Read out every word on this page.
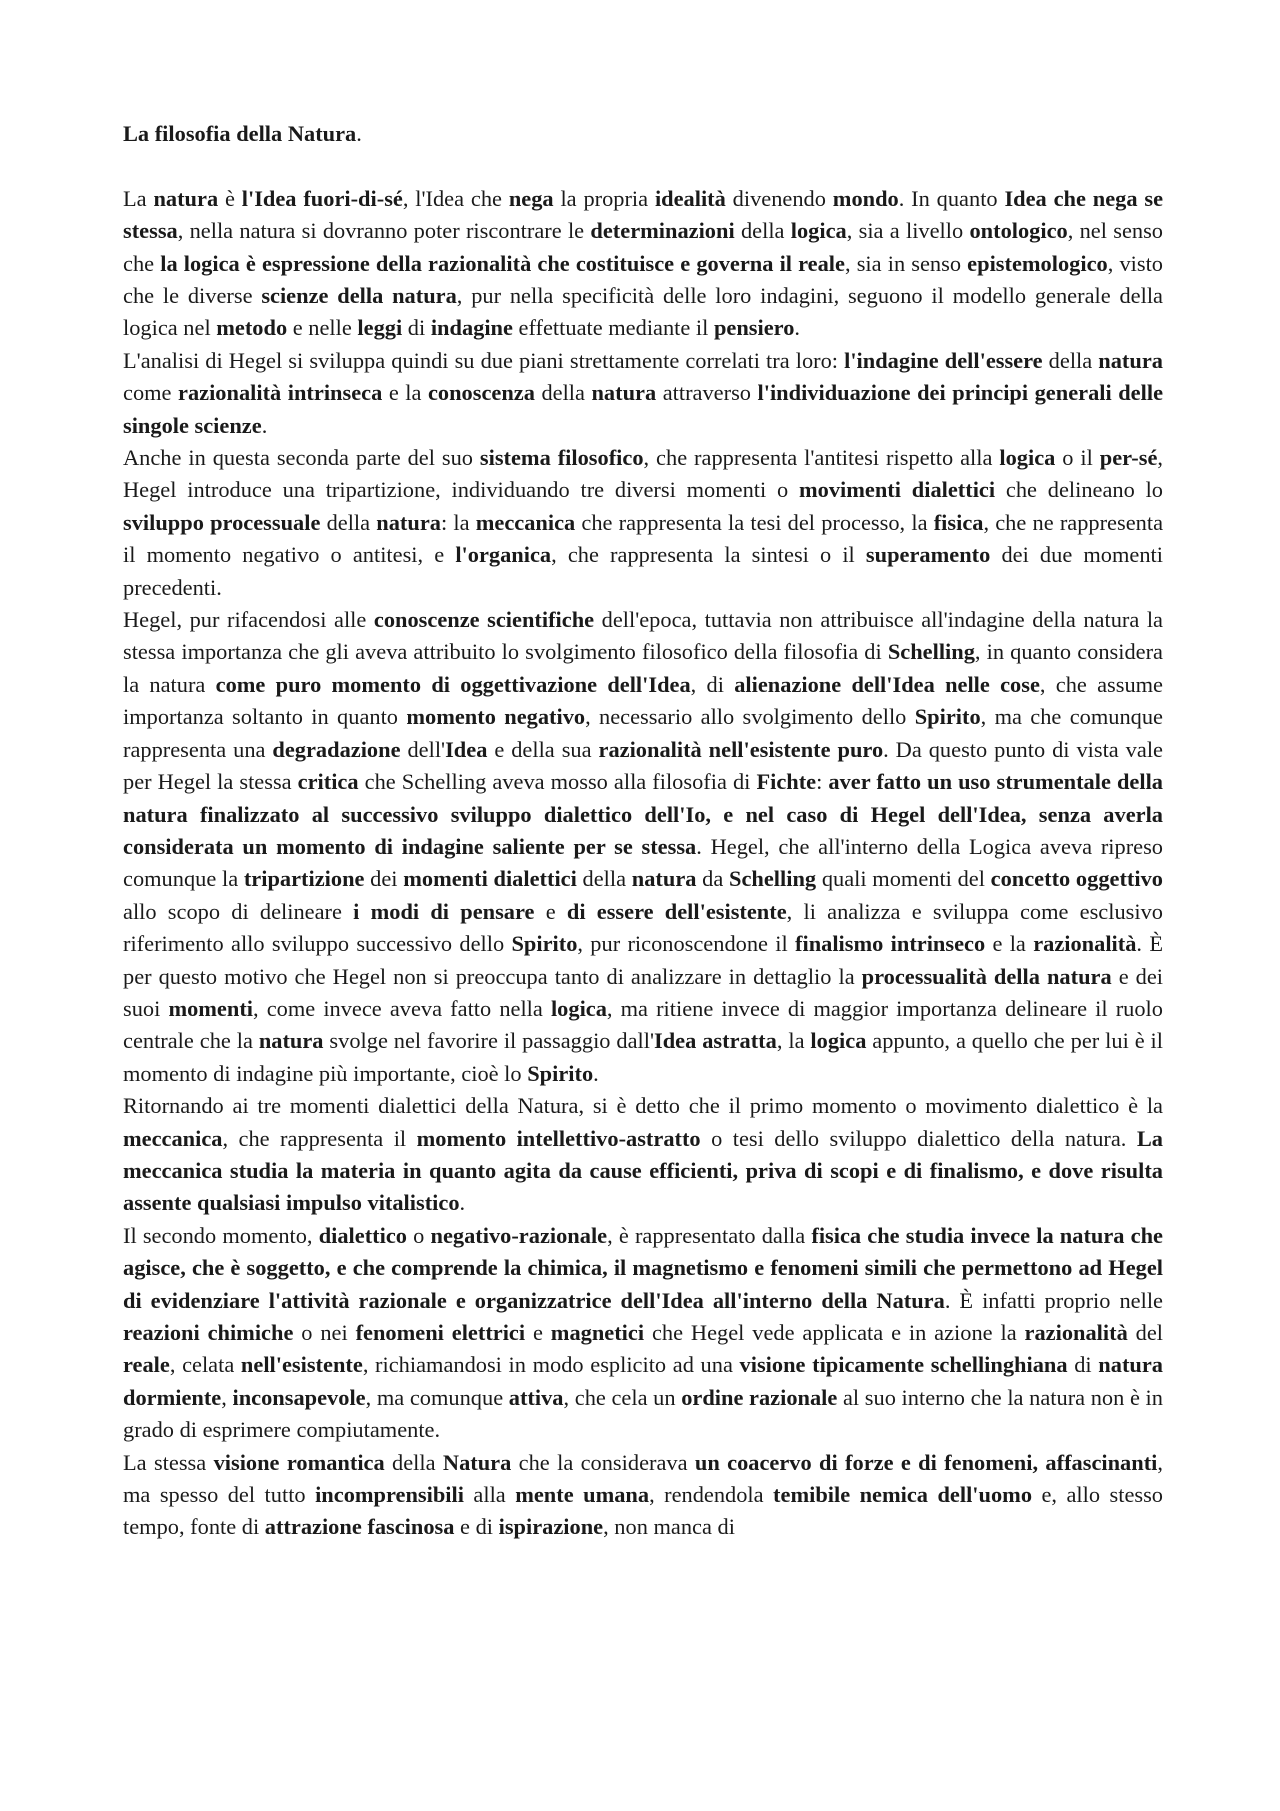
La filosofia della Natura.

La natura è l'Idea fuori-di-sé, l'Idea che nega la propria idealità divenendo mondo. In quanto Idea che nega se stessa, nella natura si dovranno poter riscontrare le determinazioni della logica, sia a livello ontologico, nel senso che la logica è espressione della razionalità che costituisce e governa il reale, sia in senso epistemologico, visto che le diverse scienze della natura, pur nella specificità delle loro indagini, seguono il modello generale della logica nel metodo e nelle leggi di indagine effettuate mediante il pensiero.

L'analisi di Hegel si sviluppa quindi su due piani strettamente correlati tra loro: l'indagine dell'essere della natura come razionalità intrinseca e la conoscenza della natura attraverso l'individuazione dei principi generali delle singole scienze.

Anche in questa seconda parte del suo sistema filosofico, che rappresenta l'antitesi rispetto alla logica o il per-sé, Hegel introduce una tripartizione, individuando tre diversi momenti o movimenti dialettici che delineano lo sviluppo processuale della natura: la meccanica che rappresenta la tesi del processo, la fisica, che ne rappresenta il momento negativo o antitesi, e l'organica, che rappresenta la sintesi o il superamento dei due momenti precedenti.

Hegel, pur rifacendosi alle conoscenze scientifiche dell'epoca, tuttavia non attribuisce all'indagine della natura la stessa importanza che gli aveva attribuito lo svolgimento filosofico della filosofia di Schelling, in quanto considera la natura come puro momento di oggettivazione dell'Idea, di alienazione dell'Idea nelle cose, che assume importanza soltanto in quanto momento negativo, necessario allo svolgimento dello Spirito, ma che comunque rappresenta una degradazione dell'Idea e della sua razionalità nell'esistente puro. Da questo punto di vista vale per Hegel la stessa critica che Schelling aveva mosso alla filosofia di Fichte: aver fatto un uso strumentale della natura finalizzato al successivo sviluppo dialettico dell'Io, e nel caso di Hegel dell'Idea, senza averla considerata un momento di indagine saliente per se stessa. Hegel, che all'interno della Logica aveva ripreso comunque la tripartizione dei momenti dialettici della natura da Schelling quali momenti del concetto oggettivo allo scopo di delineare i modi di pensare e di essere dell'esistente, li analizza e sviluppa come esclusivo riferimento allo sviluppo successivo dello Spirito, pur riconoscendone il finalismo intrinseco e la razionalità. È per questo motivo che Hegel non si preoccupa tanto di analizzare in dettaglio la processualità della natura e dei suoi momenti, come invece aveva fatto nella logica, ma ritiene invece di maggior importanza delineare il ruolo centrale che la natura svolge nel favorire il passaggio dall'Idea astratta, la logica appunto, a quello che per lui è il momento di indagine più importante, cioè lo Spirito.

Ritornando ai tre momenti dialettici della Natura, si è detto che il primo momento o movimento dialettico è la meccanica, che rappresenta il momento intellettivo-astratto o tesi dello sviluppo dialettico della natura. La meccanica studia la materia in quanto agita da cause efficienti, priva di scopi e di finalismo, e dove risulta assente qualsiasi impulso vitalistico.

Il secondo momento, dialettico o negativo-razionale, è rappresentato dalla fisica che studia invece la natura che agisce, che è soggetto, e che comprende la chimica, il magnetismo e fenomeni simili che permettono ad Hegel di evidenziare l'attività razionale e organizzatrice dell'Idea all'interno della Natura. È infatti proprio nelle reazioni chimiche o nei fenomeni elettrici e magnetici che Hegel vede applicata e in azione la razionalità del reale, celata nell'esistente, richiamandosi in modo esplicito ad una visione tipicamente schellinghiana di natura dormiente, inconsapevole, ma comunque attiva, che cela un ordine razionale al suo interno che la natura non è in grado di esprimere compiutamente.

La stessa visione romantica della Natura che la considerava un coacervo di forze e di fenomeni, affascinanti, ma spesso del tutto incomprensibili alla mente umana, rendendola temibile nemica dell'uomo e, allo stesso tempo, fonte di attrazione fascinosa e di ispirazione, non manca di
